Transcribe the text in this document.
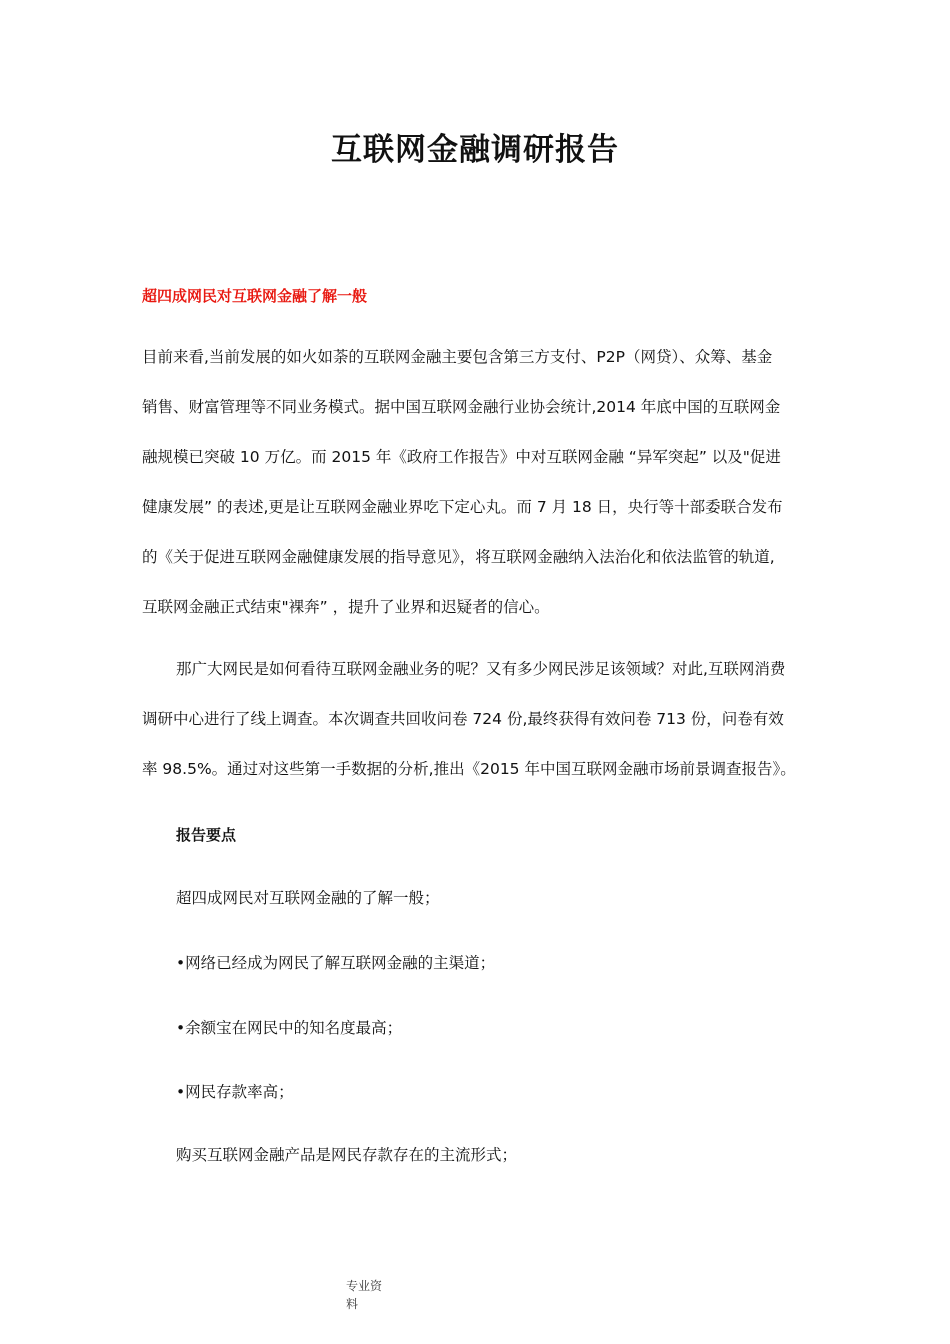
互联网金融调研报告
超四成网民对互联网金融了解一般

目前来看,当前发展的如火如荼的互联网金融主要包含第三方支付、P2P（网贷）、众筹、基金
销售、财富管理等不同业务模式。据中国互联网金融行业协会统计,2014 年底中国的互联网金
融规模已突破 10 万亿。而 2015 年《政府工作报告》中对互联网金融 “异军突起” 以及"促进
健康发展” 的表述,更是让互联网金融业界吃下定心丸。而 7 月 18 日，央行等十部委联合发布
的《关于促进互联网金融健康发展的指导意见》，将互联网金融纳入法治化和依法监管的轨道,
互联网金融正式结束"裸奔” ，提升了业界和迟疑者的信心。

那广大网民是如何看待互联网金融业务的呢？又有多少网民涉足该领域？对此,互联网消费
调研中心进行了线上调查。本次调查共回收问卷 724 份,最终获得有效问卷 713 份，问卷有效
率 98.5%。通过对这些第一手数据的分析,推出《2015 年中国互联网金融市场前景调查报告》。

报告要点

超四成网民对互联网金融的了解一般；

•网络已经成为网民了解互联网金融的主渠道；

•余额宝在网民中的知名度最高；

•网民存款率高；

购买互联网金融产品是网民存款存在的主流形式；

专业资
料
